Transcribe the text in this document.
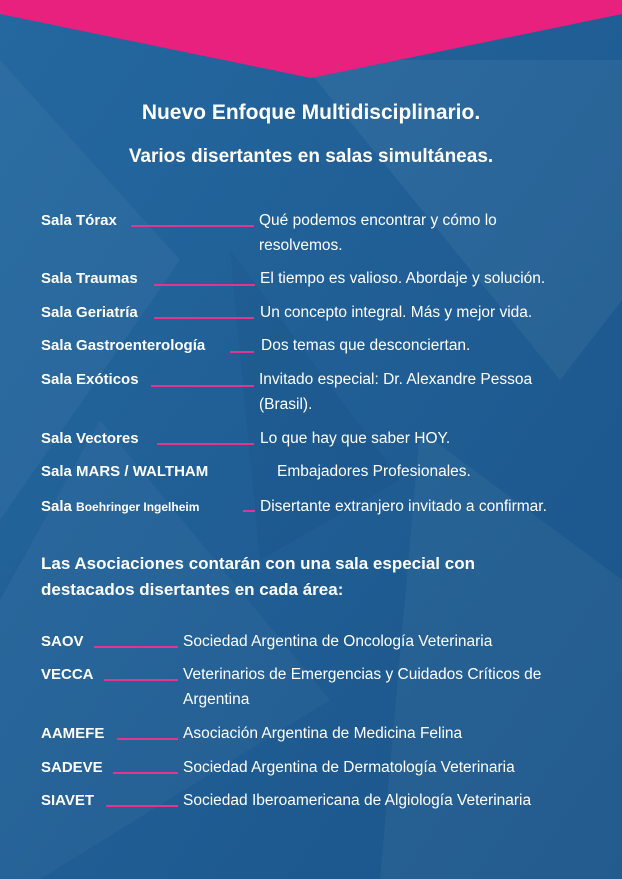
Nuevo Enfoque Multidisciplinario.
Varios disertantes en salas simultáneas.
Sala Tórax	Qué podemos encontrar y cómo lo
resolvemos.
Sala Traumas	El tiempo es valioso. Abordaje y solución.
Sala Geriatría	Un concepto integral. Más y mejor vida.
Sala Gastroenterología	Dos temas que desconciertan.
Sala Exóticos	Invitado especial: Dr. Alexandre Pessoa
(Brasil).
Sala Vectores	Lo que hay que saber HOY.
Sala MARS / WALTHAM	Embajadores Profesionales.
Sala Boehringer Ingelheim	Disertante extranjero invitado a confirmar.
Las Asociaciones contarán con una sala especial con
destacados disertantes en cada área:
SAOV	Sociedad Argentina de Oncología Veterinaria
VECCA	Veterinarios de Emergencias y Cuidados Críticos de
Argentina
AAMEFE	Asociación Argentina de Medicina Felina
SADEVE	Sociedad Argentina de Dermatología Veterinaria
SIAVET	Sociedad Iberoamericana de Algiología Veterinaria
